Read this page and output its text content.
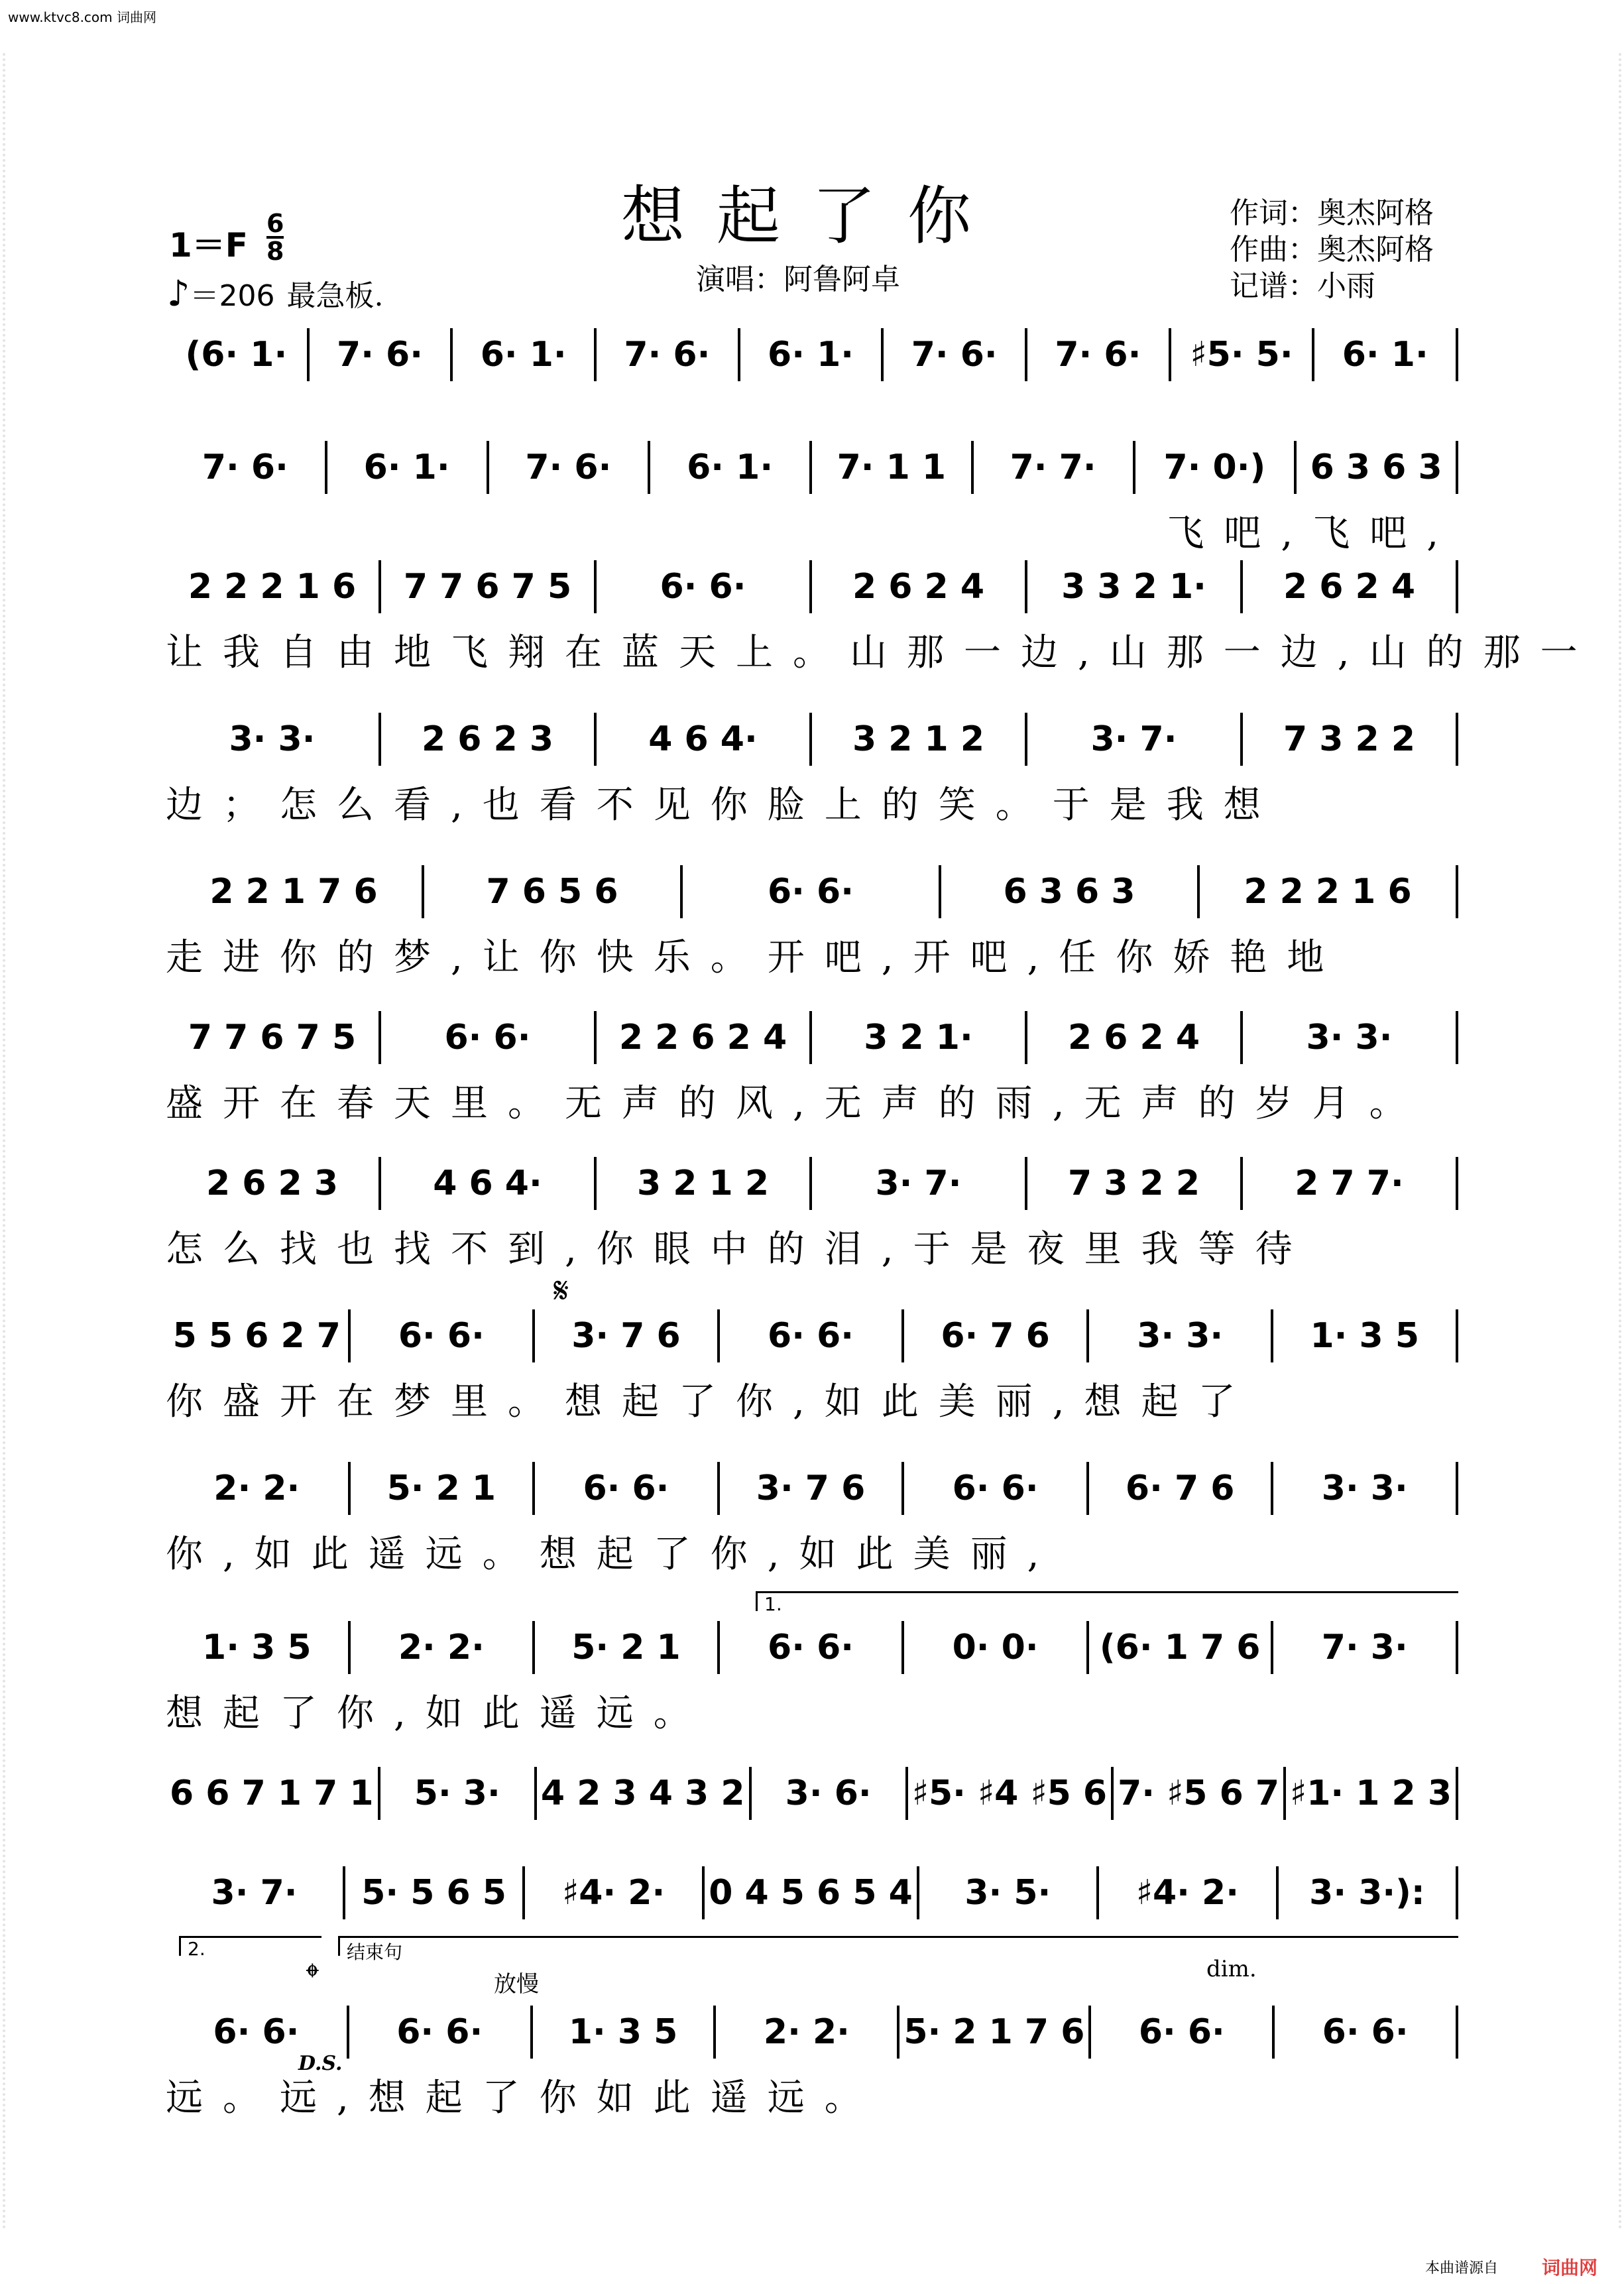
www.ktvc8.com 词曲网
想起了你
演唱：阿鲁阿卓
作词：奥杰阿格
作曲：奥杰阿格
记谱：小雨
$1=F \frac{6}{8}$
♪＝206 最急板.
(6· 1·	7· 6·	6· 1·	7· 6·	6· 1·	7· 6·	7· 6·	♯5· 5·	6· 1·
7· 6·	6· 1·	7· 6·	6· 1·	7· 1 1	7· 7·	7· 0·)	6 3 6 3
飞吧,飞吧,
2 2 2 1 6	7 7 6 7 5	6· 6·	2 6 2 4	3 3 2 1·	2 6 2 4
让我自由地飞翔在蓝天上。山那一边,山那一边,山的那一
3· 3·	2 6 2 3	4 6 4·	3 2 1 2	3· 7·	7 3 2 2
边；怎么看,也看不见你脸上的笑。于是我想
2 2 1 7 6	7 6 5 6	6· 6·	6 3 6 3	2 2 2 1 6
走进你的梦,让你快乐。开吧,开吧,任你娇艳地
7 7 6 7 5	6· 6·	2 2 6 2 4	3 2 1·	2 6 2 4	3· 3·
盛开在春天里。无声的风,无声的雨,无声的岁月。
2 6 2 3	4 6 4·	3 2 1 2	3· 7·	7 3 2 2	2 7 7·
怎么找也找不到,你眼中的泪,于是夜里我等待
5 5 6 2 7	6· 6·	3· 7 6	6· 6·	6· 7 6	3· 3·	1· 3 5
你盛开在梦里。想起了你,如此美丽,想起了
2· 2·	5· 2 1	6· 6·	3· 7 6	6· 6·	6· 7 6	3· 3·
你,如此遥远。想起了你,如此美丽,
1· 3 5	2· 2·	5· 2 1	6· 6·	0· 0·	(6· 1 7 6	7· 3·
想起了你,如此遥远。
6 6 7 1 7 1	5· 3·	4 2 3 4 3 2	3· 6·	♯5· ♯4 ♯5 6 7· ♯5 6 7 ♯1· 1 2 3
3· 7·	5· 5 6 5	♯4· 2·	0 4 5 6 5 4	3· 5·	♯4· 2·	3· 3·):
6· 6·	6· 6·	1· 3 5	2· 2·	5· 2 1 7 6	6· 6·	6· 6·
远。远,想起了你如此遥远。
𝄋
1.
2.	结束句
𝄌	放慢
dim.
D.S.
本曲谱源自 词曲网
